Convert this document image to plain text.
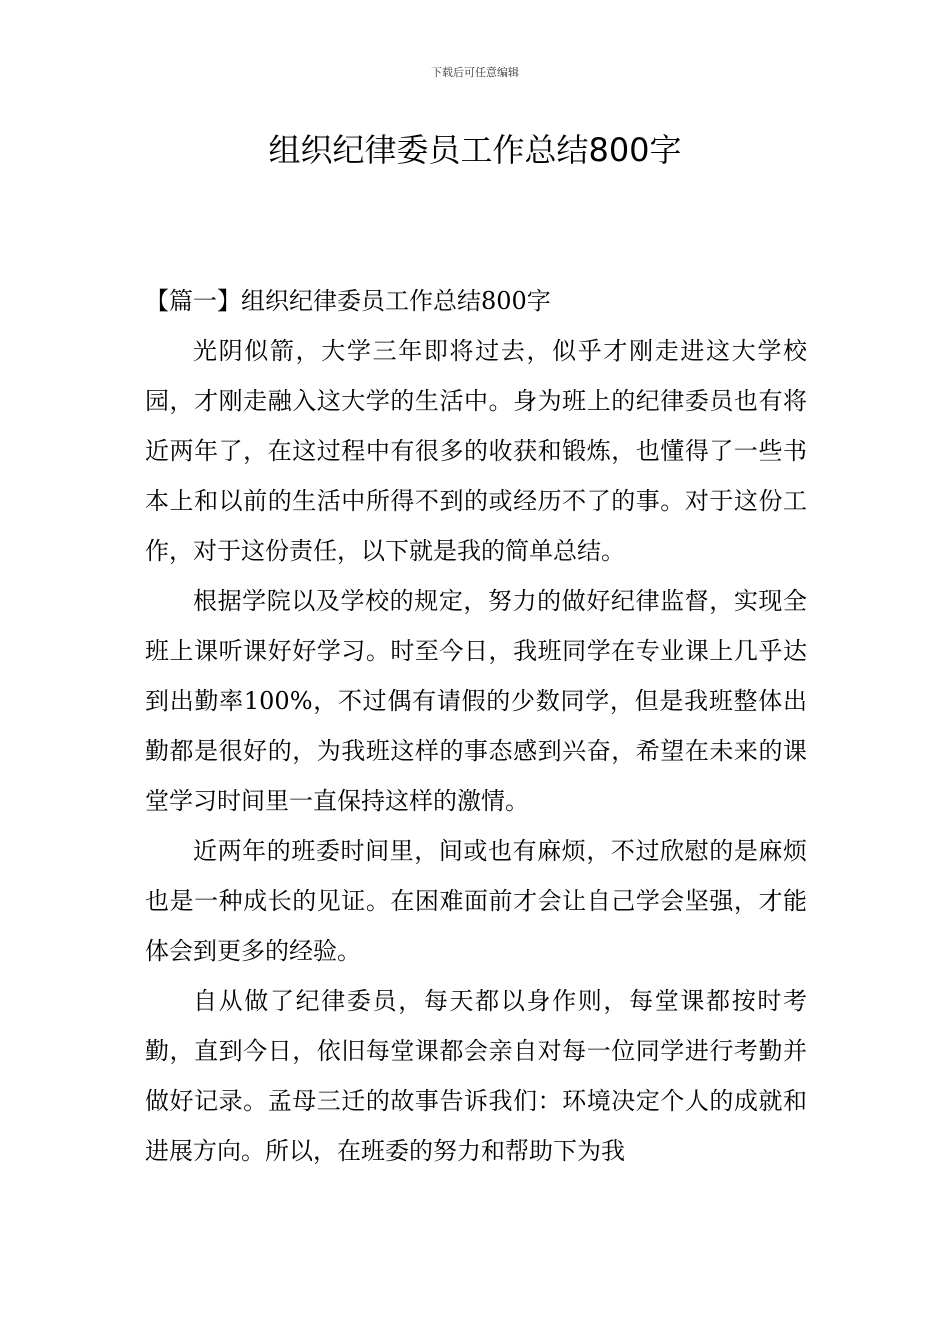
下载后可任意编辑
组织纪律委员工作总结800字

【篇一】组织纪律委员工作总结800字

光阴似箭，大学三年即将过去，似乎才刚走进这大学校园，才刚走融入这大学的生活中。身为班上的纪律委员也有将近两年了，在这过程中有很多的收获和锻炼，也懂得了一些书本上和以前的生活中所得不到的或经历不了的事。对于这份工作，对于这份责任，以下就是我的简单总结。

根据学院以及学校的规定，努力的做好纪律监督，实现全班上课听课好好学习。时至今日，我班同学在专业课上几乎达到出勤率100%，不过偶有请假的少数同学，但是我班整体出勤都是很好的，为我班这样的事态感到兴奋，希望在未来的课堂学习时间里一直保持这样的激情。

近两年的班委时间里，间或也有麻烦，不过欣慰的是麻烦也是一种成长的见证。在困难面前才会让自己学会坚强，才能体会到更多的经验。

自从做了纪律委员，每天都以身作则，每堂课都按时考勤，直到今日，依旧每堂课都会亲自对每一位同学进行考勤并做好记录。孟母三迁的故事告诉我们：环境决定个人的成就和进展方向。所以，在班委的努力和帮助下为我
